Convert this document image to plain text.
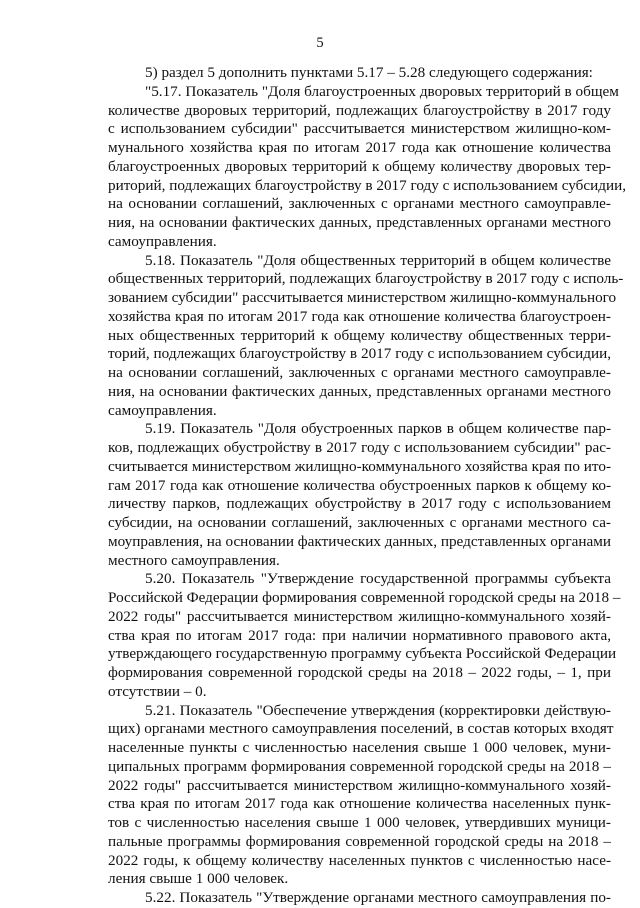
5
5) раздел 5 дополнить пунктами 5.17 – 5.28 следующего содержания:
"5.17. Показатель "Доля благоустроенных дворовых территорий в общем
количестве дворовых территорий, подлежащих благоустройству в 2017 году
с использованием субсидии" рассчитывается министерством жилищно-ком-
мунального хозяйства края по итогам 2017 года как отношение количества
благоустроенных дворовых территорий к общему количеству дворовых тер-
риторий, подлежащих благоустройству в 2017 году с использованием субсидии,
на основании соглашений, заключенных с органами местного самоуправле-
ния, на основании фактических данных, представленных органами местного
самоуправления.
5.18. Показатель "Доля общественных территорий в общем количестве
общественных территорий, подлежащих благоустройству в 2017 году с исполь-
зованием субсидии" рассчитывается министерством жилищно-коммунального
хозяйства края по итогам 2017 года как отношение количества благоустроен-
ных общественных территорий к общему количеству общественных терри-
торий, подлежащих благоустройству в 2017 году с использованием субсидии,
на основании соглашений, заключенных с органами местного самоуправле-
ния, на основании фактических данных, представленных органами местного
самоуправления.
5.19. Показатель "Доля обустроенных парков в общем количестве пар-
ков, подлежащих обустройству в 2017 году с использованием субсидии" рас-
считывается министерством жилищно-коммунального хозяйства края по ито-
гам 2017 года как отношение количества обустроенных парков к общему ко-
личеству парков, подлежащих обустройству в 2017 году с использованием
субсидии, на основании соглашений, заключенных с органами местного са-
моуправления, на основании фактических данных, представленных органами
местного самоуправления.
5.20. Показатель "Утверждение государственной программы субъекта
Российской Федерации формирования современной городской среды на 2018 –
2022 годы" рассчитывается министерством жилищно-коммунального хозяй-
ства края по итогам 2017 года: при наличии нормативного правового акта,
утверждающего государственную программу субъекта Российской Федерации
формирования современной городской среды на 2018 – 2022 годы, – 1, при
отсутствии – 0.
5.21. Показатель "Обеспечение утверждения (корректировки действую-
щих) органами местного самоуправления поселений, в состав которых входят
населенные пункты с численностью населения свыше 1 000 человек, муни-
ципальных программ формирования современной городской среды на 2018 –
2022 годы" рассчитывается министерством жилищно-коммунального хозяй-
ства края по итогам 2017 года как отношение количества населенных пунк-
тов с численностью населения свыше 1 000 человек, утвердивших муници-
пальные программы формирования современной городской среды на 2018 –
2022 годы, к общему количеству населенных пунктов с численностью насе-
ления свыше 1 000 человек.
5.22. Показатель "Утверждение органами местного самоуправления по-
